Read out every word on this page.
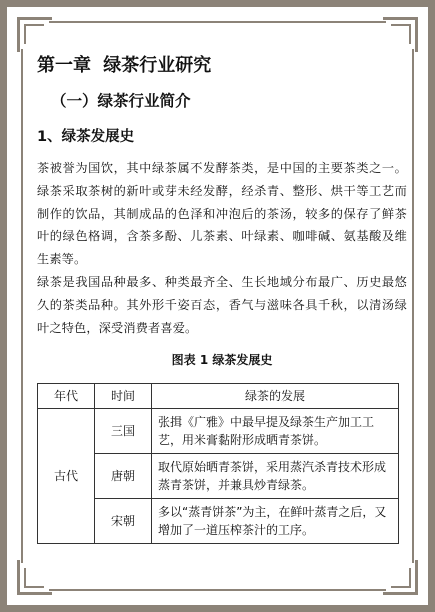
第一章 绿茶行业研究
（一）绿茶行业简介
1、绿茶发展史

茶被誉为国饮，其中绿茶属不发酵茶类，是中国的主要茶类之一。绿茶采取茶树的新叶或芽未经发酵，经杀青、整形、烘干等工艺而制作的饮品，其制成品的色泽和冲泡后的茶汤，较多的保存了鲜茶叶的绿色格调，含茶多酚、儿茶素、叶绿素、咖啡碱、氨基酸及维生素等。

绿茶是我国品种最多、种类最齐全、生长地域分布最广、历史最悠久的茶类品种。其外形千姿百态，香气与滋味各具千秋，以清汤绿叶之特色，深受消费者喜爱。

图表 1 绿茶发展史
年代	时间	绿茶的发展
古代	三国	张揖《广雅》中最早提及绿茶生产加工工艺，用米膏黏附形成晒青茶饼。
	唐朝	取代原始晒青茶饼，采用蒸汽杀青技术形成蒸青茶饼，并兼具炒青绿茶。
	宋朝	多以“蒸青饼茶”为主，在鲜叶蒸青之后，又增加了一道压榨茶汁的工序。
